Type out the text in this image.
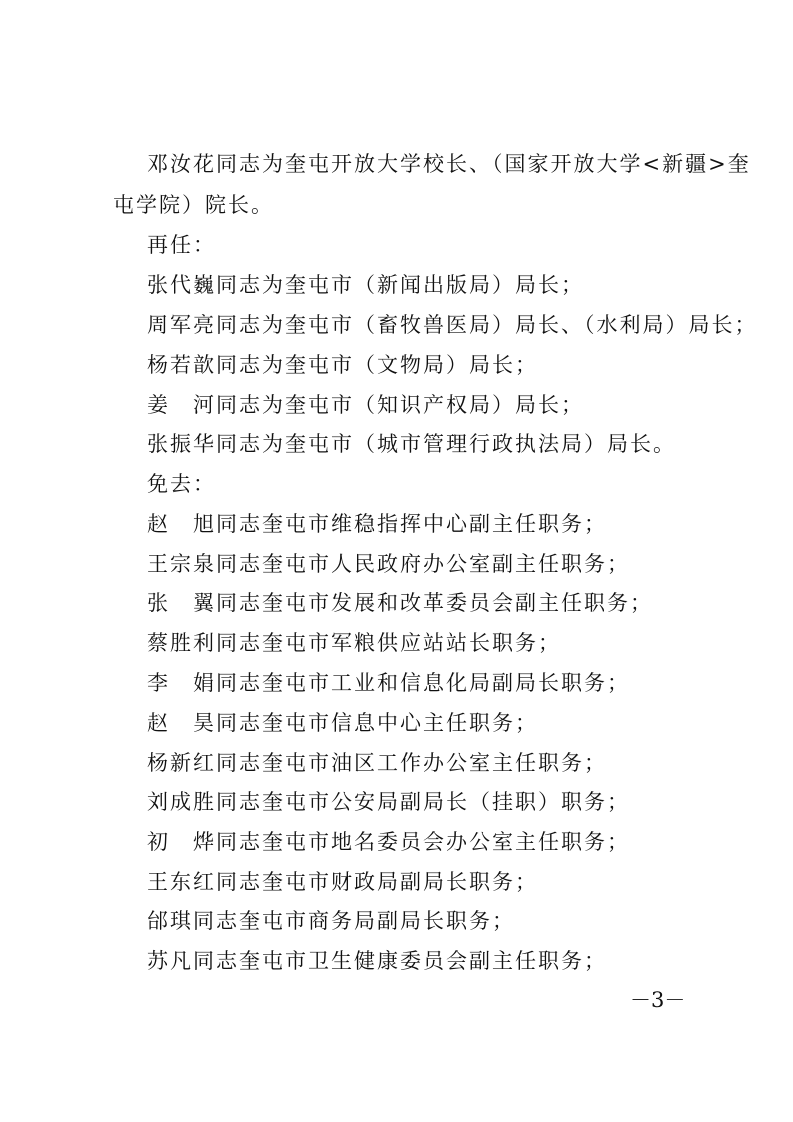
邓汝花同志为奎屯开放大学校长、（国家开放大学<新疆>奎
屯学院）院长。
再任：
张代巍同志为奎屯市（新闻出版局）局长；
周军亮同志为奎屯市（畜牧兽医局）局长、（水利局）局长；
杨若歆同志为奎屯市（文物局）局长；
姜　河同志为奎屯市（知识产权局）局长；
张振华同志为奎屯市（城市管理行政执法局）局长。
免去：
赵　旭同志奎屯市维稳指挥中心副主任职务；
王宗泉同志奎屯市人民政府办公室副主任职务；
张　翼同志奎屯市发展和改革委员会副主任职务；
蔡胜利同志奎屯市军粮供应站站长职务；
李　娟同志奎屯市工业和信息化局副局长职务；
赵　昊同志奎屯市信息中心主任职务；
杨新红同志奎屯市油区工作办公室主任职务；
刘成胜同志奎屯市公安局副局长（挂职）职务；
初　烨同志奎屯市地名委员会办公室主任职务；
王东红同志奎屯市财政局副局长职务；
邰琪同志奎屯市商务局副局长职务；
苏凡同志奎屯市卫生健康委员会副主任职务；
－3－
